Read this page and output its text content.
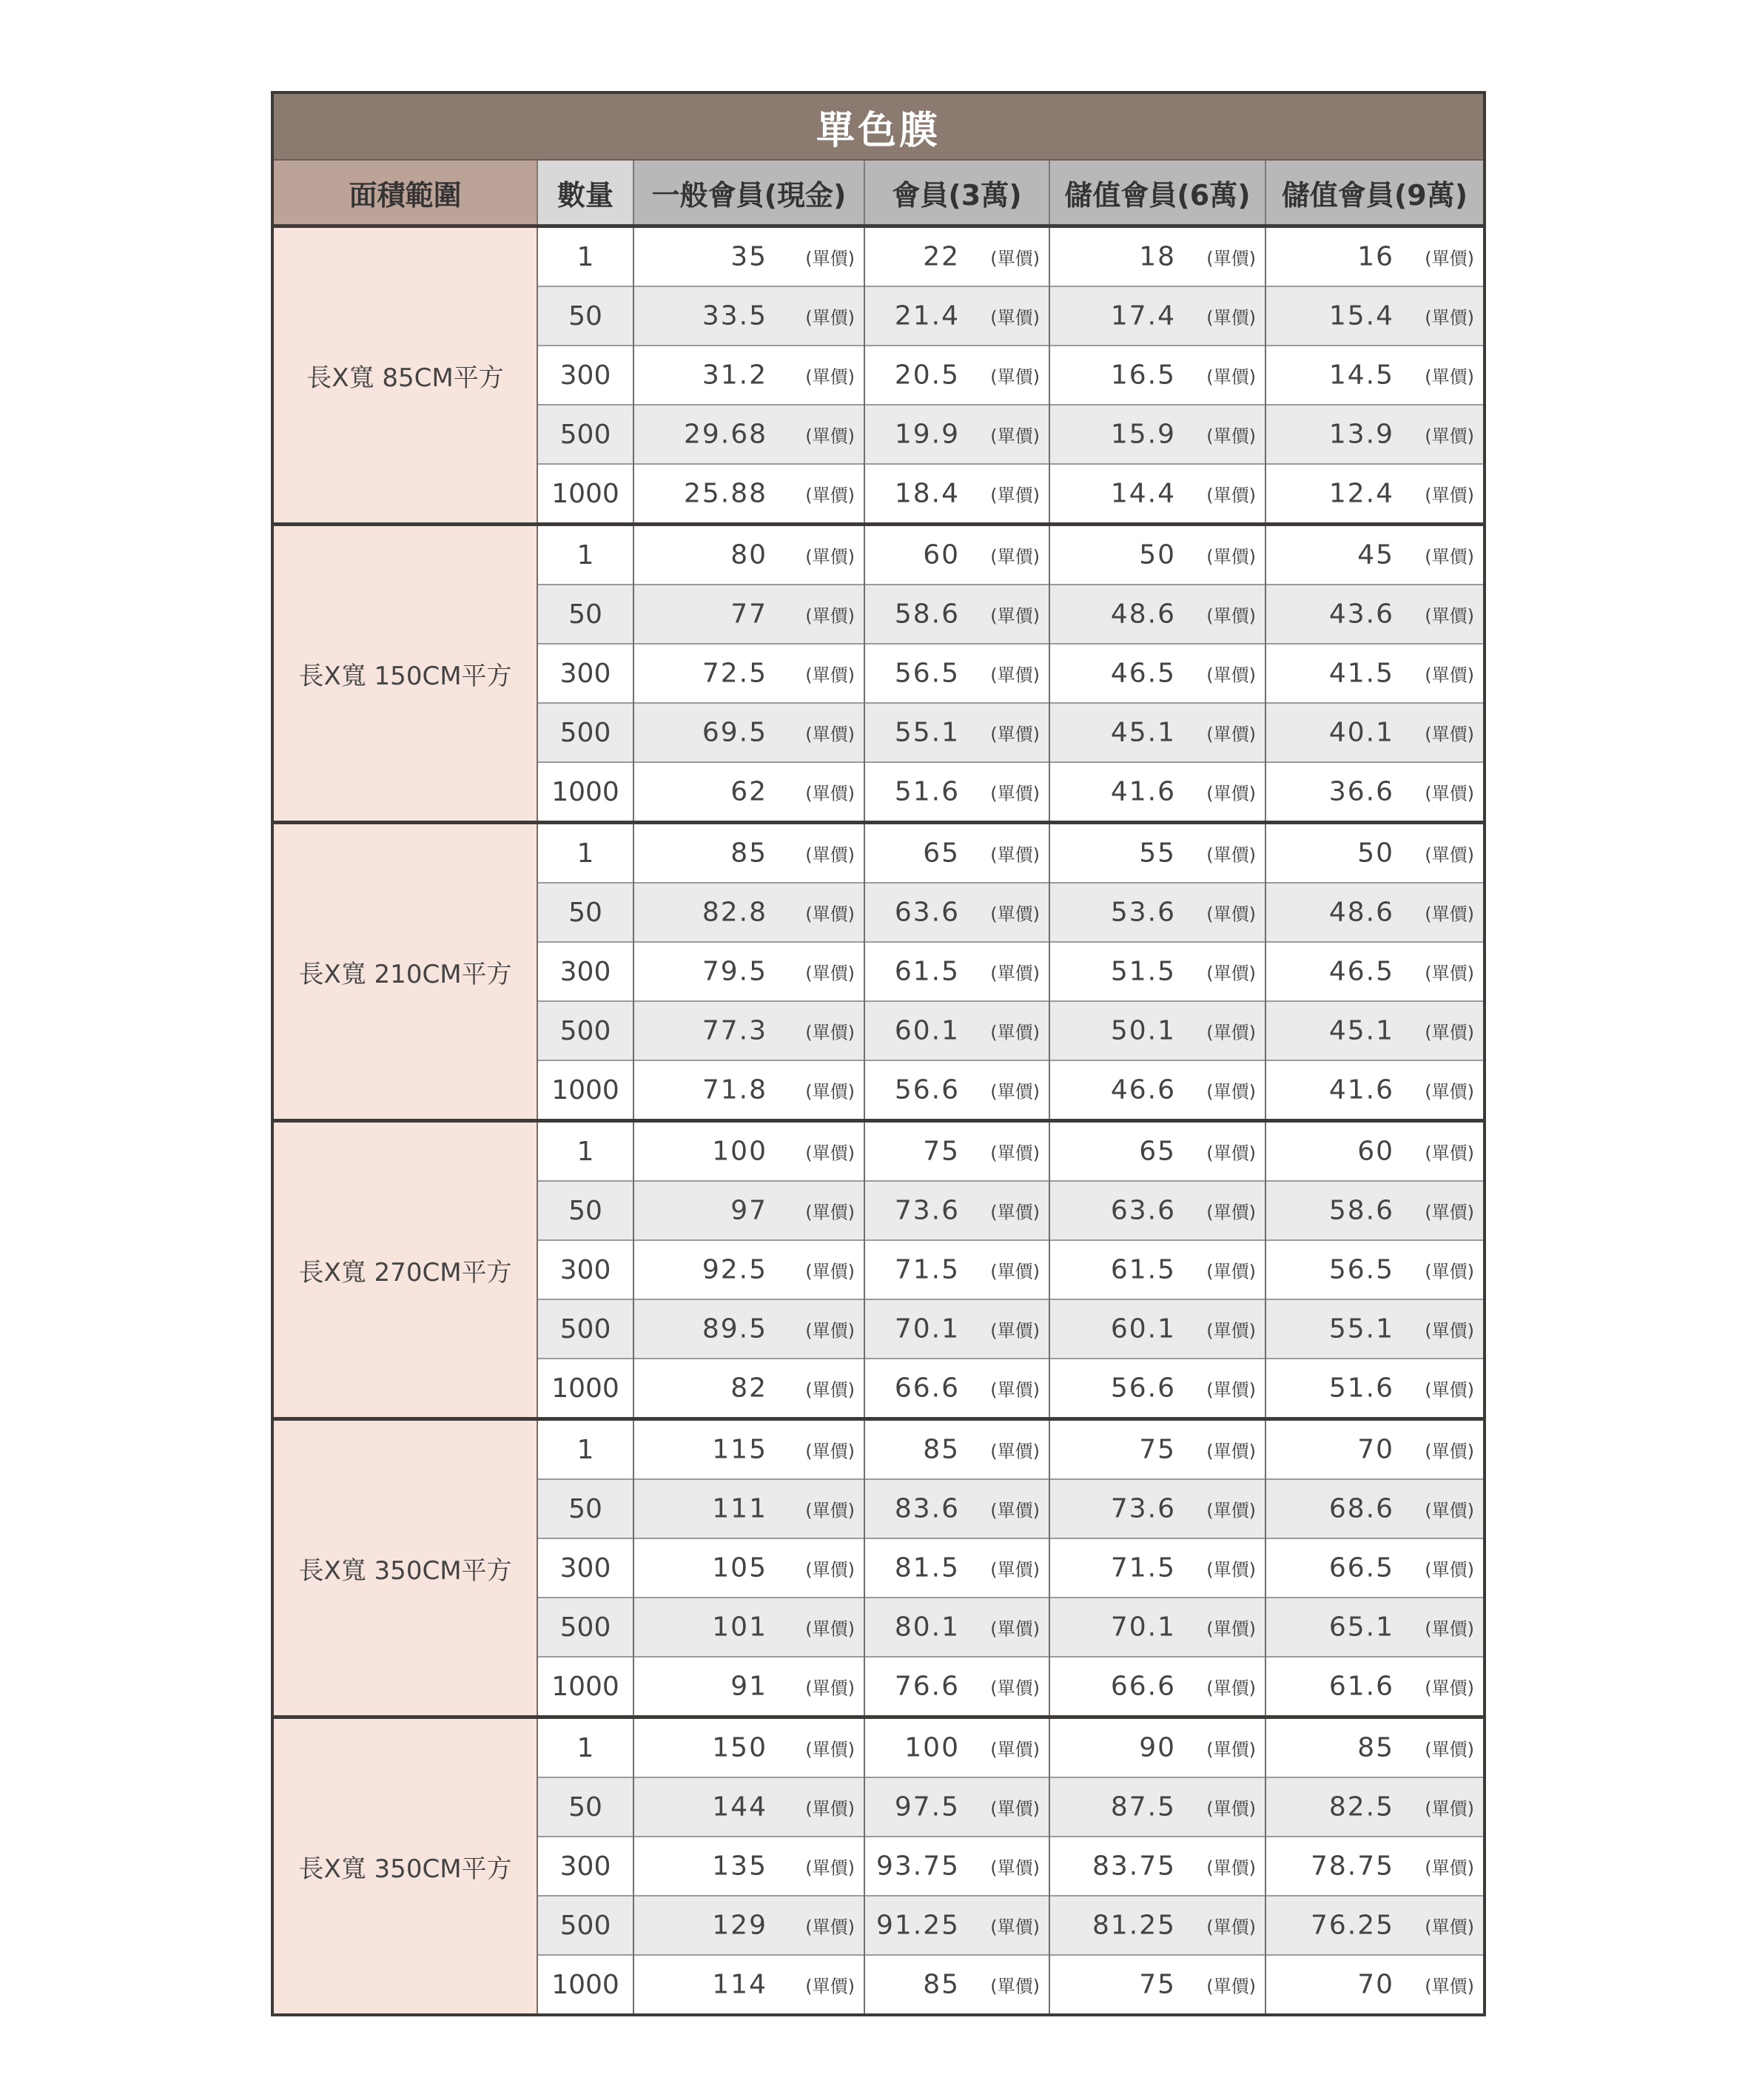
單色膜					
面積範圍	數量	一般會員(現金)	會員(3萬)	儲值會員(6萬)	儲值會員(9萬)
長X寬 85CM平方	1	35 (單價)	22 (單價)	18 (單價)	16 (單價)

	50	33.5 (單價)	21.4 (單價)	17.4 (單價)	15.4 (單價)

	300	31.2 (單價)	20.5 (單價)	16.5 (單價)	14.5 (單價)

	500	29.68 (單價)	19.9 (單價)	15.9 (單價)	13.9 (單價)

	1000	25.88 (單價)	18.4 (單價)	14.4 (單價)	12.4 (單價)

長X寬 150CM平方	1	80 (單價)	60 (單價)	50 (單價)	45 (單價)

	50	77 (單價)	58.6 (單價)	48.6 (單價)	43.6 (單價)

	300	72.5 (單價)	56.5 (單價)	46.5 (單價)	41.5 (單價)

	500	69.5 (單價)	55.1 (單價)	45.1 (單價)	40.1 (單價)

	1000	62 (單價)	51.6 (單價)	41.6 (單價)	36.6 (單價)

長X寬 210CM平方	1	85 (單價)	65 (單價)	55 (單價)	50 (單價)

	50	82.8 (單價)	63.6 (單價)	53.6 (單價)	48.6 (單價)

	300	79.5 (單價)	61.5 (單價)	51.5 (單價)	46.5 (單價)

	500	77.3 (單價)	60.1 (單價)	50.1 (單價)	45.1 (單價)

	1000	71.8 (單價)	56.6 (單價)	46.6 (單價)	41.6 (單價)

長X寬 270CM平方	1	100 (單價)	75 (單價)	65 (單價)	60 (單價)

	50	97 (單價)	73.6 (單價)	63.6 (單價)	58.6 (單價)

	300	92.5 (單價)	71.5 (單價)	61.5 (單價)	56.5 (單價)

	500	89.5 (單價)	70.1 (單價)	60.1 (單價)	55.1 (單價)

	1000	82 (單價)	66.6 (單價)	56.6 (單價)	51.6 (單價)

長X寬 350CM平方	1	115 (單價)	85 (單價)	75 (單價)	70 (單價)

	50	111 (單價)	83.6 (單價)	73.6 (單價)	68.6 (單價)

	300	105 (單價)	81.5 (單價)	71.5 (單價)	66.5 (單價)

	500	101 (單價)	80.1 (單價)	70.1 (單價)	65.1 (單價)

	1000	91 (單價)	76.6 (單價)	66.6 (單價)	61.6 (單價)

長X寬 350CM平方	1	150 (單價)	100 (單價)	90 (單價)	85 (單價)

	50	144 (單價)	97.5 (單價)	87.5 (單價)	82.5 (單價)

	300	135 (單價)	93.75 (單價)	83.75 (單價)	78.75 (單價)

	500	129 (單價)	91.25 (單價)	81.25 (單價)	76.25 (單價)

	1000	114 (單價)	85 (單價)	75 (單價)	70 (單價)
